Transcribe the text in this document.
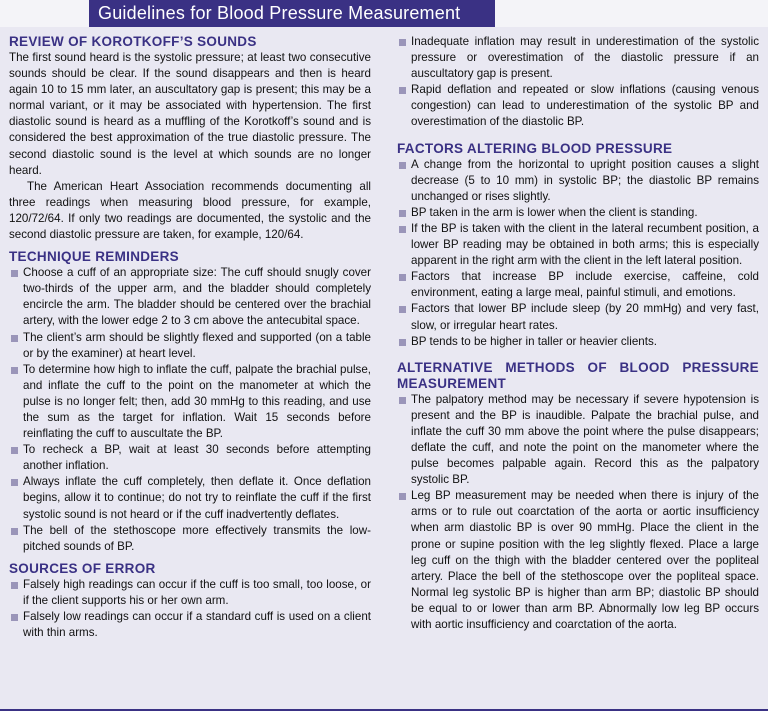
Guidelines for Blood Pressure Measurement
REVIEW OF KOROTKOFF’S SOUNDS

The first sound heard is the systolic pressure; at least two consecutive sounds should be clear. If the sound disappears and then is heard again 10 to 15 mm later, an auscultatory gap is present; this may be a normal variant, or it may be associated with hypertension. The first diastolic sound is heard as a muffling of the Korotkoff’s sound and is considered the best approximation of the true diastolic pressure. The second diastolic sound is the level at which sounds are no longer heard.

The American Heart Association recommends documenting all three readings when measuring blood pressure, for example, 120/72/64. If only two readings are documented, the systolic and the second diastolic pressure are taken, for example, 120/64.

TECHNIQUE REMINDERS
Choose a cuff of an appropriate size: The cuff should snugly cover two-thirds of the upper arm, and the bladder should completely encircle the arm. The bladder should be centered over the brachial artery, with the lower edge 2 to 3 cm above the antecubital space.
The client’s arm should be slightly flexed and supported (on a table or by the examiner) at heart level.
To determine how high to inflate the cuff, palpate the brachial pulse, and inflate the cuff to the point on the manometer at which the pulse is no longer felt; then, add 30 mmHg to this reading, and use the sum as the target for inflation. Wait 15 seconds before reinflating the cuff to auscultate the BP.
To recheck a BP, wait at least 30 seconds before attempting another inflation.
Always inflate the cuff completely, then deflate it. Once deflation begins, allow it to continue; do not try to reinflate the cuff if the first systolic sound is not heard or if the cuff inadvertently deflates.
The bell of the stethoscope more effectively transmits the low-pitched sounds of BP.
SOURCES OF ERROR
Falsely high readings can occur if the cuff is too small, too loose, or if the client supports his or her own arm.
Falsely low readings can occur if a standard cuff is used on a client with thin arms.
Inadequate inflation may result in underestimation of the systolic pressure or overestimation of the diastolic pressure if an auscultatory gap is present.
Rapid deflation and repeated or slow inflations (causing venous congestion) can lead to underestimation of the systolic BP and overestimation of the diastolic BP.
FACTORS ALTERING BLOOD PRESSURE
A change from the horizontal to upright position causes a slight decrease (5 to 10 mm) in systolic BP; the diastolic BP remains unchanged or rises slightly.
BP taken in the arm is lower when the client is standing.
If the BP is taken with the client in the lateral recumbent position, a lower BP reading may be obtained in both arms; this is especially apparent in the right arm with the client in the left lateral position.
Factors that increase BP include exercise, caffeine, cold environment, eating a large meal, painful stimuli, and emotions.
Factors that lower BP include sleep (by 20 mmHg) and very fast, slow, or irregular heart rates.
BP tends to be higher in taller or heavier clients.
ALTERNATIVE METHODS OF BLOOD PRESSURE MEASUREMENT
The palpatory method may be necessary if severe hypotension is present and the BP is inaudible. Palpate the brachial pulse, and inflate the cuff 30 mm above the point where the pulse disappears; deflate the cuff, and note the point on the manometer where the pulse becomes palpable again. Record this as the palpatory systolic BP.
Leg BP measurement may be needed when there is injury of the arms or to rule out coarctation of the aorta or aortic insufficiency when arm diastolic BP is over 90 mmHg. Place the client in the prone or supine position with the leg slightly flexed. Place a large leg cuff on the thigh with the bladder centered over the popliteal artery. Place the bell of the stethoscope over the popliteal space. Normal leg systolic BP is higher than arm BP; diastolic BP should be equal to or lower than arm BP. Abnormally low leg BP occurs with aortic insufficiency and coarctation of the aorta.
